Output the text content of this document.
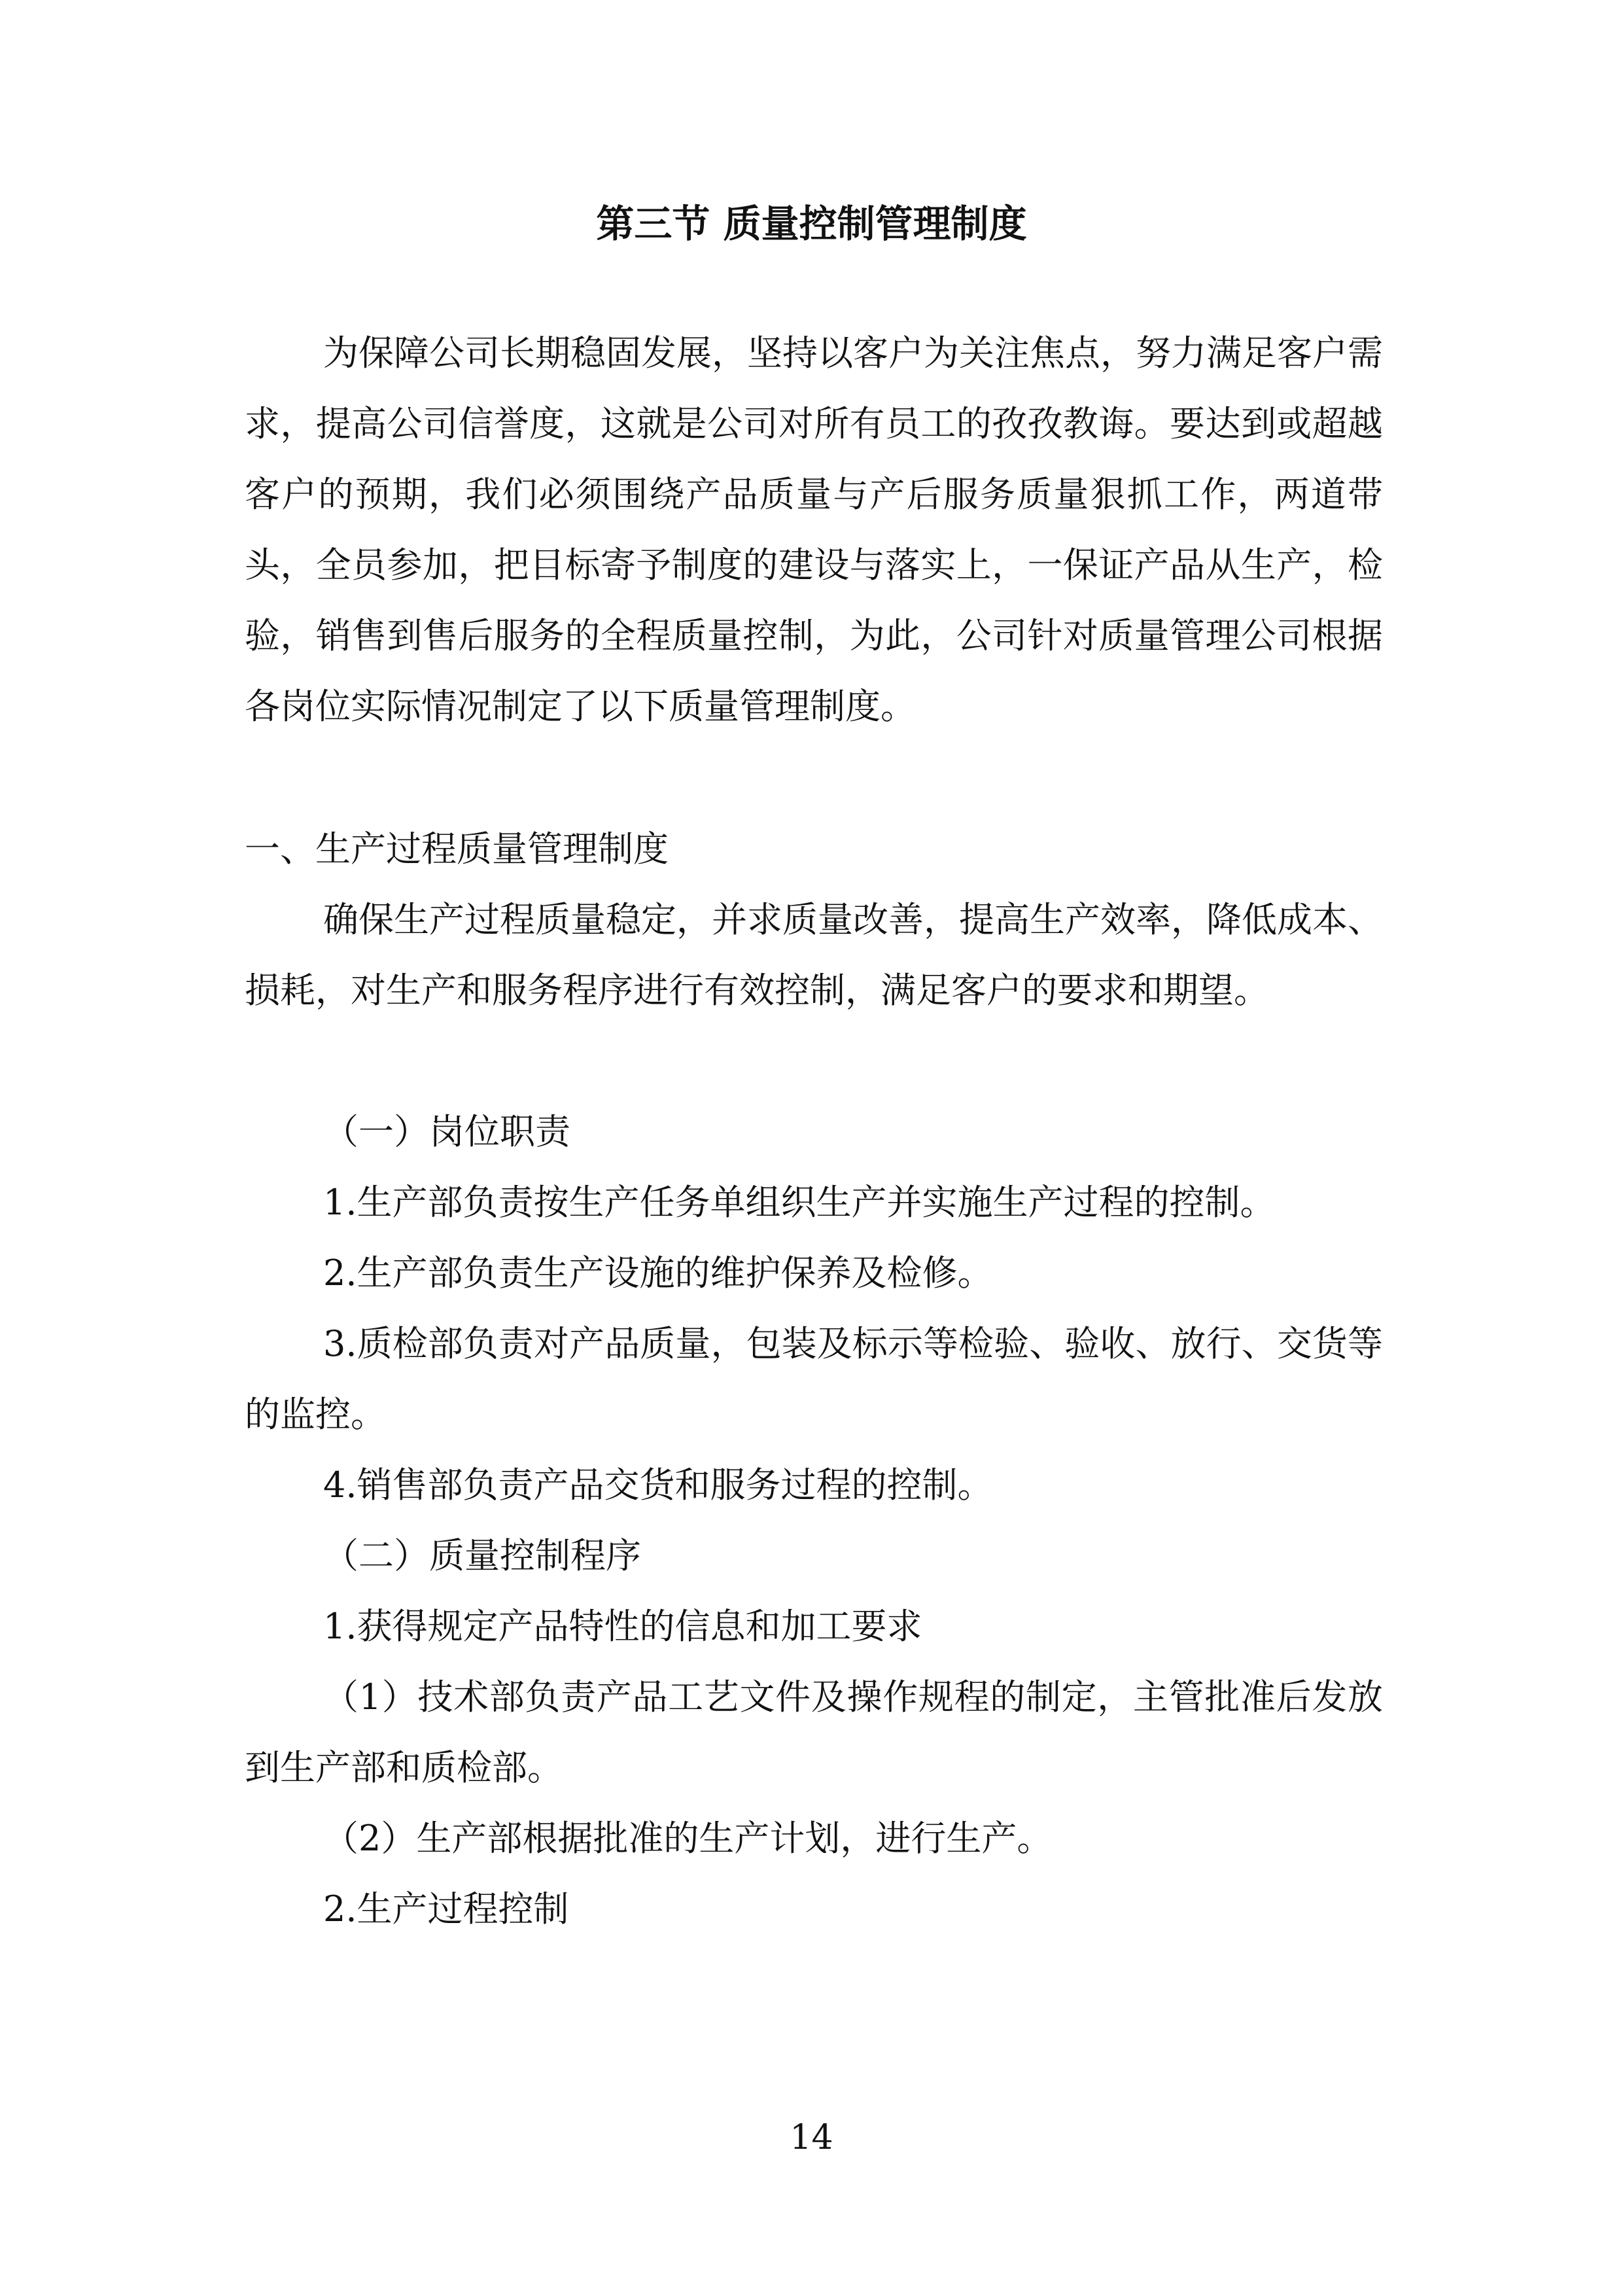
第三节 质量控制管理制度

为保障公司长期稳固发展，坚持以客户为关注焦点，努力满足客户需求，提高公司信誉度，这就是公司对所有员工的孜孜教诲。要达到或超越客户的预期，我们必须围绕产品质量与产后服务质量狠抓工作，两道带头，全员参加，把目标寄予制度的建设与落实上，一保证产品从生产，检验，销售到售后服务的全程质量控制，为此，公司针对质量管理公司根据各岗位实际情况制定了以下质量管理制度。

一、生产过程质量管理制度

确保生产过程质量稳定，并求质量改善，提高生产效率，降低成本、损耗，对生产和服务程序进行有效控制，满足客户的要求和期望。

（一）岗位职责

1.生产部负责按生产任务单组织生产并实施生产过程的控制。

2.生产部负责生产设施的维护保养及检修。

3.质检部负责对产品质量，包装及标示等检验、验收、放行、交货等的监控。

4.销售部负责产品交货和服务过程的控制。

（二）质量控制程序

1.获得规定产品特性的信息和加工要求

（1）技术部负责产品工艺文件及操作规程的制定，主管批准后发放到生产部和质检部。

（2）生产部根据批准的生产计划，进行生产。

2.生产过程控制

14
